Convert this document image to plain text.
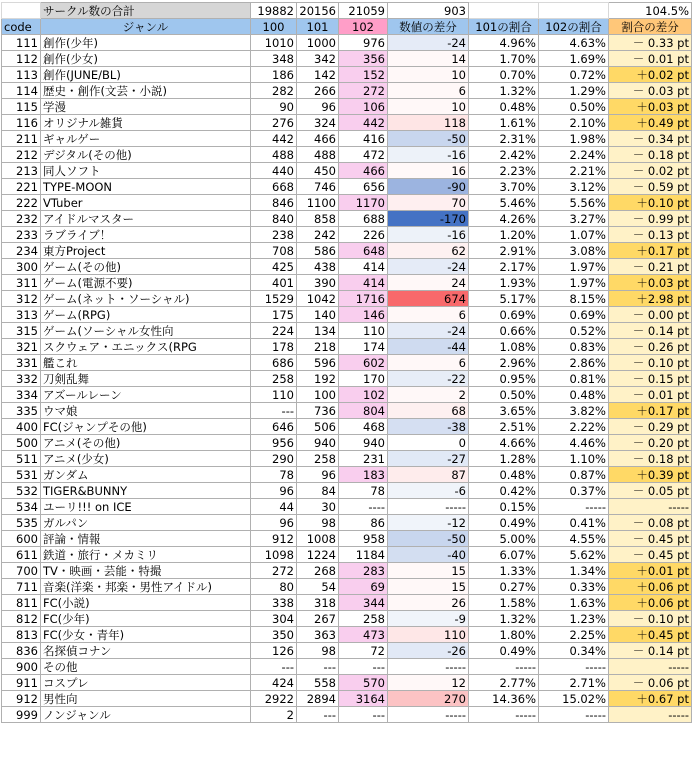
	サークル数の合計	19882	20156	21059	903			104.5%
code	ジャンル	100	101	102	数値の差分	101の割合	102の割合	割合の差分
111	創作(少年)	1010	1000	976	-24	4.96%	4.63%	－ 0.33 pt
112	創作(少女)	348	342	356	14	1.70%	1.69%	－ 0.01 pt
113	創作(JUNE/BL)	186	142	152	10	0.70%	0.72%	＋0.02 pt
114	歴史・創作(文芸・小説)	282	266	272	6	1.32%	1.29%	－ 0.03 pt
115	学漫	90	96	106	10	0.48%	0.50%	＋0.03 pt
116	オリジナル雑貨	276	324	442	118	1.61%	2.10%	＋0.49 pt
211	ギャルゲー	442	466	416	-50	2.31%	1.98%	－ 0.34 pt
212	デジタル(その他)	488	488	472	-16	2.42%	2.24%	－ 0.18 pt
213	同人ソフト	440	450	466	16	2.23%	2.21%	－ 0.02 pt
221	TYPE-MOON	668	746	656	-90	3.70%	3.12%	－ 0.59 pt
222	VTuber	846	1100	1170	70	5.46%	5.56%	＋0.10 pt
232	アイドルマスター	840	858	688	-170	4.26%	3.27%	－ 0.99 pt
233	ラブライブ！	238	242	226	-16	1.20%	1.07%	－ 0.13 pt
234	東方Project	708	586	648	62	2.91%	3.08%	＋0.17 pt
300	ゲーム(その他)	425	438	414	-24	2.17%	1.97%	－ 0.21 pt
311	ゲーム(電源不要)	401	390	414	24	1.93%	1.97%	＋0.03 pt
312	ゲーム(ネット・ソーシャル)	1529	1042	1716	674	5.17%	8.15%	＋2.98 pt
313	ゲーム(RPG)	175	140	146	6	0.69%	0.69%	－ 0.00 pt
315	ゲーム(ソーシャル女性向	224	134	110	-24	0.66%	0.52%	－ 0.14 pt
321	スクウェア・エニックス(RPG	178	218	174	-44	1.08%	0.83%	－ 0.26 pt
331	艦これ	686	596	602	6	2.96%	2.86%	－ 0.10 pt
332	刀剣乱舞	258	192	170	-22	0.95%	0.81%	－ 0.15 pt
334	アズールレーン	110	100	102	2	0.50%	0.48%	－ 0.01 pt
335	ウマ娘	---	736	804	68	3.65%	3.82%	＋0.17 pt
400	FC(ジャンプその他)	646	506	468	-38	2.51%	2.22%	－ 0.29 pt
500	アニメ(その他)	956	940	940	0	4.66%	4.46%	－ 0.20 pt
511	アニメ(少女)	290	258	231	-27	1.28%	1.10%	－ 0.18 pt
531	ガンダム	78	96	183	87	0.48%	0.87%	＋0.39 pt
532	TIGER&BUNNY	96	84	78	-6	0.42%	0.37%	－ 0.05 pt
534	ユーリ!!! on ICE	44	30	----	-----	0.15%	-----	-----
535	ガルパン	96	98	86	-12	0.49%	0.41%	－ 0.08 pt
600	評論・情報	912	1008	958	-50	5.00%	4.55%	－ 0.45 pt
611	鉄道・旅行・メカミリ	1098	1224	1184	-40	6.07%	5.62%	－ 0.45 pt
700	TV・映画・芸能・特撮	272	268	283	15	1.33%	1.34%	＋0.01 pt
711	音楽(洋楽・邦楽・男性アイドル)	80	54	69	15	0.27%	0.33%	＋0.06 pt
811	FC(小説)	338	318	344	26	1.58%	1.63%	＋0.06 pt
812	FC(少年)	304	267	258	-9	1.32%	1.23%	－ 0.10 pt
813	FC(少女・青年)	350	363	473	110	1.80%	2.25%	＋0.45 pt
836	名探偵コナン	126	98	72	-26	0.49%	0.34%	－ 0.14 pt
900	その他	---	---	---	-----	-----	-----	-----
911	コスプレ	424	558	570	12	2.77%	2.71%	－ 0.06 pt
912	男性向	2922	2894	3164	270	14.36%	15.02%	＋0.67 pt
999	ノンジャンル	2	---	---	-----	-----	-----	-----
